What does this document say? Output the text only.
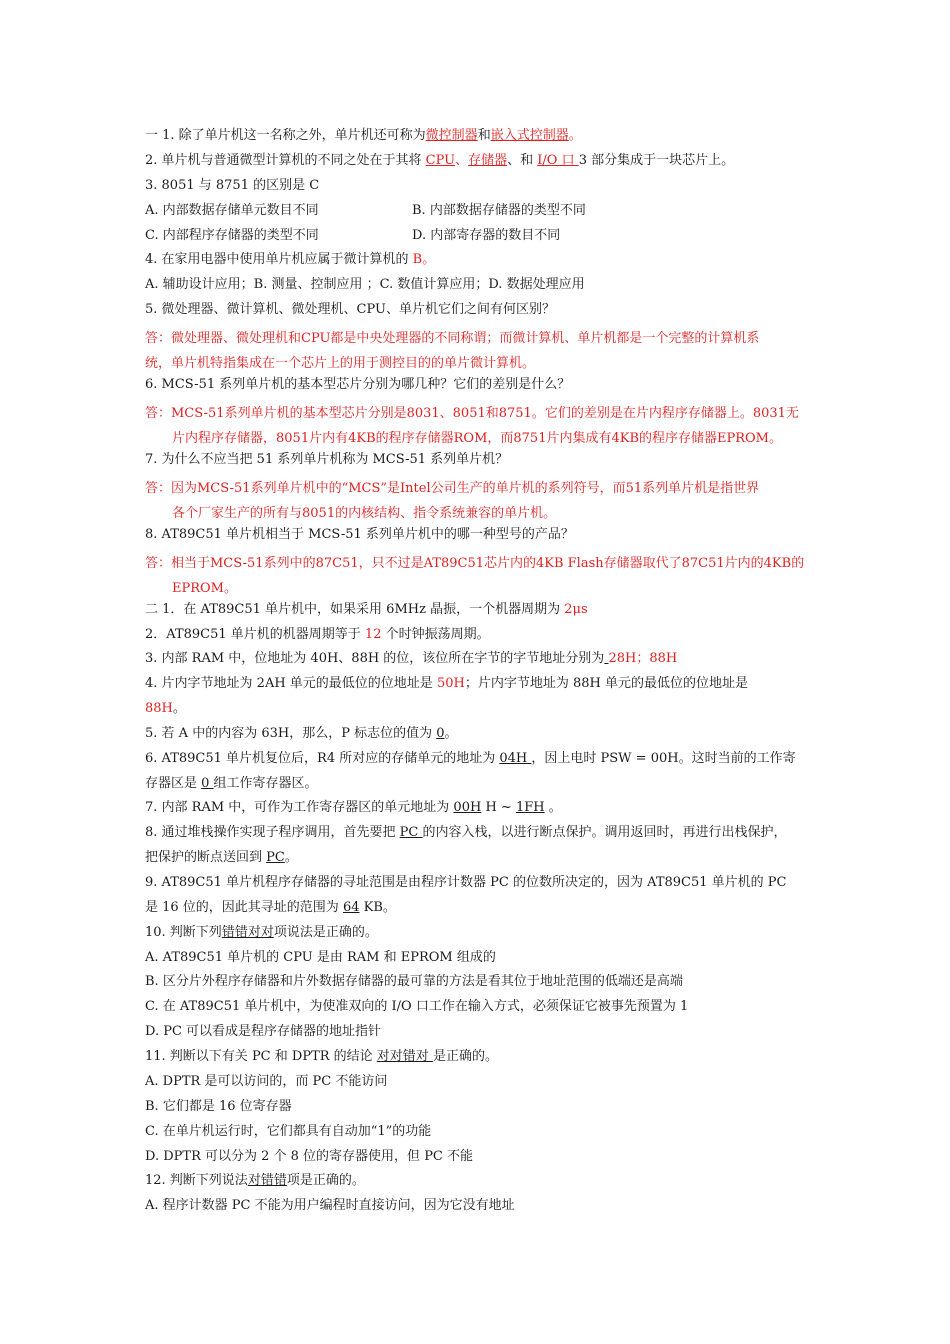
一 1. 除了单片机这一名称之外，单片机还可称为微控制器和嵌入式控制器。
2. 单片机与普通微型计算机的不同之处在于其将 CPU、存储器、和 I/O 口 3 部分集成于一块芯片上。
3. 8051 与 8751 的区别是 C
A. 内部数据存储单元数目不同	B. 内部数据存储器的类型不同
C. 内部程序存储器的类型不同	D. 内部寄存器的数目不同
4. 在家用电器中使用单片机应属于微计算机的 B。
A. 辅助设计应用；B. 测量、控制应用 ；C. 数值计算应用；D. 数据处理应用
5. 微处理器、微计算机、微处理机、CPU、单片机它们之间有何区别？
答：微处理器、微处理机和CPU都是中央处理器的不同称谓；而微计算机、单片机都是一个完整的计算机系
统，单片机特指集成在一个芯片上的用于测控目的的单片微计算机。
6. MCS-51 系列单片机的基本型芯片分别为哪几种？它们的差别是什么？
答：MCS-51系列单片机的基本型芯片分别是8031、8051和8751。它们的差别是在片内程序存储器上。8031无
片内程序存储器，8051片内有4KB的程序存储器ROM，而8751片内集成有4KB的程序存储器EPROM。
7. 为什么不应当把 51 系列单片机称为 MCS-51 系列单片机？
答：因为MCS-51系列单片机中的“MCS”是Intel公司生产的单片机的系列符号，而51系列单片机是指世界
各个厂家生产的所有与8051的内核结构、指令系统兼容的单片机。
8. AT89C51 单片机相当于 MCS-51 系列单片机中的哪一种型号的产品？
答：相当于MCS-51系列中的87C51，只不过是AT89C51芯片内的4KB Flash存储器取代了87C51片内的4KB的
EPROM。
二 1．在 AT89C51 单片机中，如果采用 6MHz 晶振，一个机器周期为 2μs
2．AT89C51 单片机的机器周期等于 12 个时钟振荡周期。
3. 内部 RAM 中，位地址为 40H、88H 的位，该位所在字节的字节地址分别为 28H；88H
4. 片内字节地址为 2AH 单元的最低位的位地址是 50H；片内字节地址为 88H 单元的最低位的位地址是
88H。
5. 若 A 中的内容为 63H，那么，P 标志位的值为 0。
6. AT89C51 单片机复位后，R4 所对应的存储单元的地址为 04H ，因上电时 PSW = 00H。这时当前的工作寄
存器区是 0 组工作寄存器区。
7. 内部 RAM 中，可作为工作寄存器区的单元地址为 00H H ~ 1FH 。
8. 通过堆栈操作实现子程序调用，首先要把 PC 的内容入栈，以进行断点保护。调用返回时，再进行出栈保护，
把保护的断点送回到 PC。
9. AT89C51 单片机程序存储器的寻址范围是由程序计数器 PC 的位数所决定的，因为 AT89C51 单片机的 PC
是 16 位的，因此其寻址的范围为 64 KB。
10. 判断下列错错对对项说法是正确的。
A. AT89C51 单片机的 CPU 是由 RAM 和 EPROM 组成的
B. 区分片外程序存储器和片外数据存储器的最可靠的方法是看其位于地址范围的低端还是高端
C. 在 AT89C51 单片机中，为使准双向的 I/O 口工作在输入方式，必须保证它被事先预置为 1
D. PC 可以看成是程序存储器的地址指针
11. 判断以下有关 PC 和 DPTR 的结论 对对错对 是正确的。
A. DPTR 是可以访问的，而 PC 不能访问
B. 它们都是 16 位寄存器
C. 在单片机运行时，它们都具有自动加“1”的功能
D. DPTR 可以分为 2 个 8 位的寄存器使用，但 PC 不能
12. 判断下列说法对错错项是正确的。
A. 程序计数器 PC 不能为用户编程时直接访问，因为它没有地址
